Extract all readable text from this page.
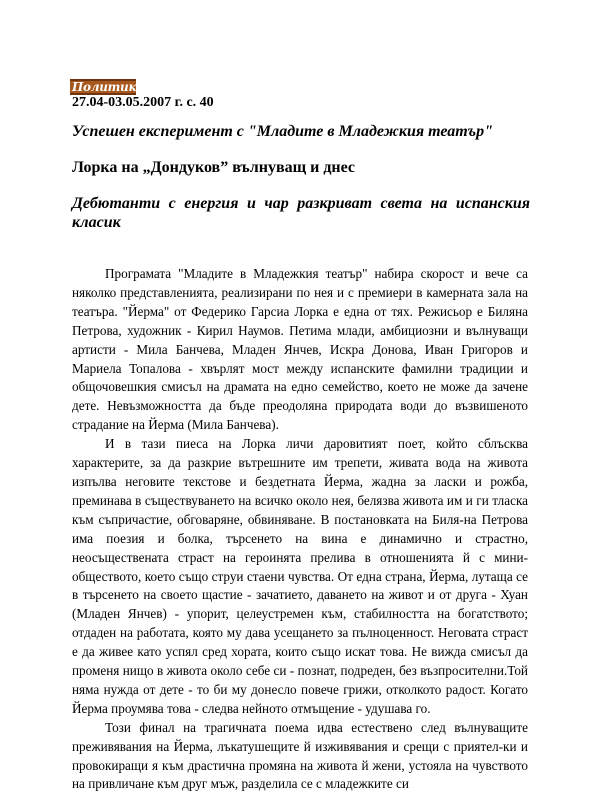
Политика
27.04-03.05.2007 г. с. 40
Успешен експеримент с "Младите в Младежкия театър"
Лорка на „Дондуков” вълнуващ и днес
Дебютанти с енергия и чар разкриват света на испанския класик

Програмата "Младите в Младежкия театър" набира скорост и вече са няколко представленията, реализирани по нея и с премиери в камерната зала на театъра. "Йерма" от Федерико Гарсиа Лорка е една от тях. Режисьор е Биляна Петрова, художник - Кирил Наумов. Петима млади, амбициозни и вълнуващи артисти - Мила Банчева, Младен Янчев, Искра Донова, Иван Григоров и Мариела Топалова - хвърлят мост между испанските фамилни традиции и общочовешкия смисъл на драмата на едно семейство, което не може да зачене дете. Невъзможността да бъде преодоляна природата води до възвишеното страдание на Йерма (Мила Банчева).

И в тази пиеса на Лорка личи даровитият поет, който сблъсква характерите, за да разкрие вътрешните им трепети, живата вода на живота изпълва неговите текстове и бездетната Йерма, жадна за ласки и рожба, преминава в съществуването на всичко около нея, белязва живота им и ги тласка към съпричастие, обговаряне, обвиняване. В постановката на Биля-на Петрова има поезия и болка, търсенето на вина е динамично и страстно, неосъществената страст на героинята прелива в отношенията й с мини-обществото, което също струи стаени чувства. От една страна, Йерма, лутаща се в търсенето на своето щастие - зачатието, даването на живот и от друга - Хуан (Младен Янчев) - упорит, целеустремен към, стабилността на богатството; отдаден на работата, която му дава усещането за пълноценност. Неговата страст е да живее като успял сред хората, които също искат това. Не вижда смисъл да променя нищо в живота около себе си - познат, подреден, без възпросителни.Той няма нужда от дете - то би му донесло повече грижи, отколкото радост. Когато Йерма проумява това - следва нейното отмъщение - удушава го.

Този финал на трагичната поема идва естествено след вълнуващите преживявания на Йерма, лъкатушещите й изживявания и срещи с приятел-ки и провокиращи я към драстична промяна на живота й жени, устояла на чувството на привличане към друг мъж, разделила се с младежките си
